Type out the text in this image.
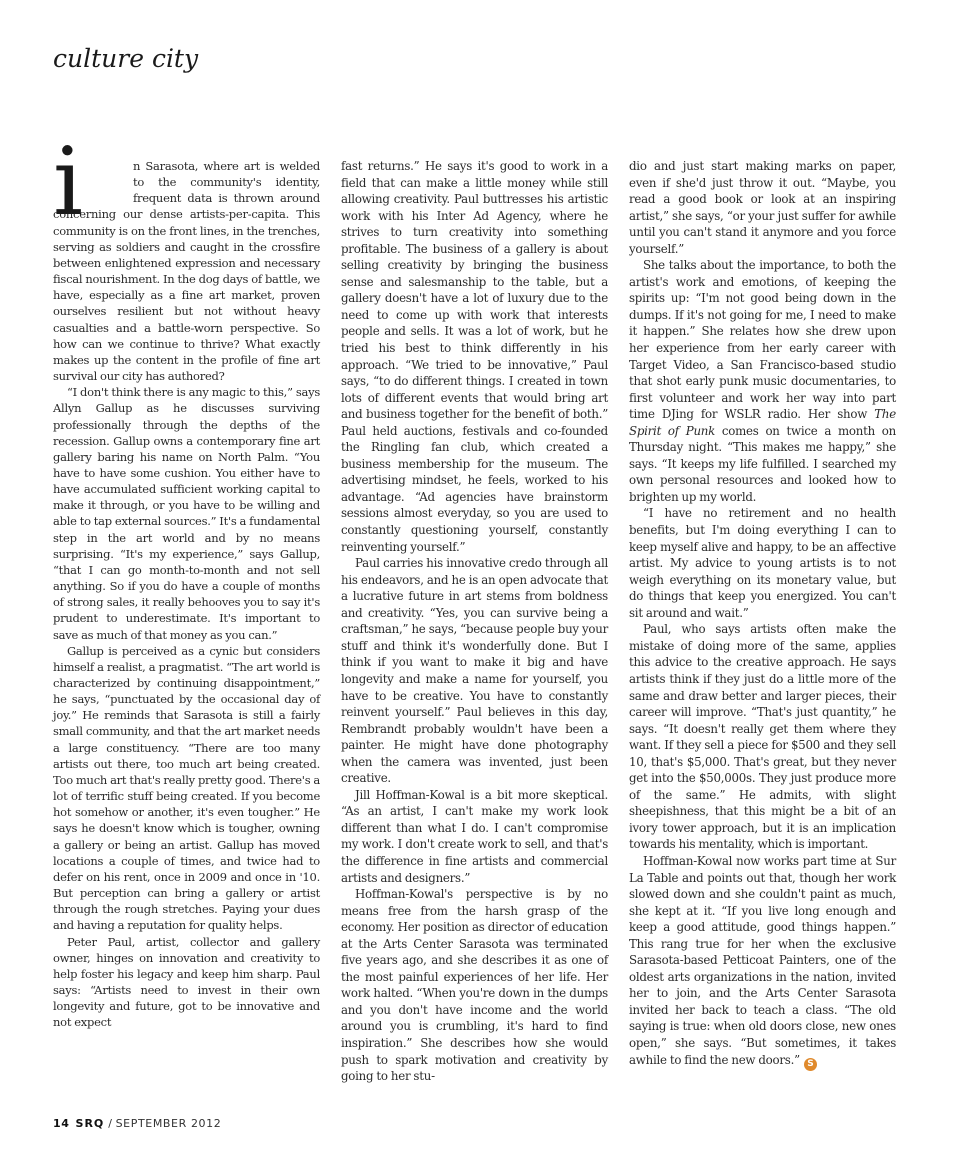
culture city
i	n Sarasota, where art is welded to the community's identity, frequent data is thrown around concerning our dense artists-per-capita. This community is on the front lines, in the trenches, serving as soldiers and caught in the crossfire between enlightened expression and necessary fiscal nourishment. In the dog days of battle, we have, especially as a fine art market, proven ourselves resilient but not without heavy casualties and a battle-worn perspective. So how can we continue to thrive? What exactly makes up the content in the profile of fine art survival our city has authored?

“I don't think there is any magic to this,” says Allyn Gallup as he discusses surviving professionally through the depths of the recession. Gallup owns a contemporary fine art gallery baring his name on North Palm. “You have to have some cushion. You either have to have accumulated sufficient working capital to make it through, or you have to be willing and able to tap external sources.” It's a fundamental step in the art world and by no means surprising. “It's my experience,” says Gallup, “that I can go month-to-month and not sell anything. So if you do have a couple of months of strong sales, it really behooves you to say it's prudent to underestimate. It's important to save as much of that money as you can.”

Gallup is perceived as a cynic but considers himself a realist, a pragmatist. “The art world is characterized by continuing disappointment,” he says, “punctuated by the occasional day of joy.” He reminds that Sarasota is still a fairly small community, and that the art market needs a large constituency. “There are too many artists out there, too much art being created. Too much art that's really pretty good. There's a lot of terrific stuff being created. If you become hot somehow or another, it's even tougher.” He says he doesn't know which is tougher, owning a gallery or being an artist. Gallup has moved locations a couple of times, and twice had to defer on his rent, once in 2009 and once in '10. But perception can bring a gallery or artist through the rough stretches. Paying your dues and having a reputation for quality helps.

Peter Paul, artist, collector and gallery owner, hinges on innovation and creativity to help foster his legacy and keep him sharp. Paul says: “Artists need to invest in their own longevity and future, got to be innovative and not expect

fast returns.” He says it's good to work in a field that can make a little money while still allowing creativity. Paul buttresses his artistic work with his Inter Ad Agency, where he strives to turn creativity into something profitable. The business of a gallery is about selling creativity by bringing the business sense and salesmanship to the table, but a gallery doesn't have a lot of luxury due to the need to come up with work that interests people and sells. It was a lot of work, but he tried his best to think differently in his approach. “We tried to be innovative,” Paul says, “to do different things. I created in town lots of different events that would bring art and business together for the benefit of both.” Paul held auctions, festivals and co-founded the Ringling fan club, which created a business membership for the museum. The advertising mindset, he feels, worked to his advantage. “Ad agencies have brainstorm sessions almost everyday, so you are used to constantly questioning yourself, constantly reinventing yourself.”

Paul carries his innovative credo through all his endeavors, and he is an open advocate that a lucrative future in art stems from boldness and creativity. “Yes, you can survive being a craftsman,” he says, “because people buy your stuff and think it's wonderfully done. But I think if you want to make it big and have longevity and make a name for yourself, you have to be creative. You have to constantly reinvent yourself.” Paul believes in this day, Rembrandt probably wouldn't have been a painter. He might have done photography when the camera was invented, just been creative.

Jill Hoffman-Kowal is a bit more skeptical. “As an artist, I can't make my work look different than what I do. I can't compromise my work. I don't create work to sell, and that's the difference in fine artists and commercial artists and designers.”

Hoffman-Kowal's perspective is by no means free from the harsh grasp of the economy. Her position as director of education at the Arts Center Sarasota was terminated five years ago, and she describes it as one of the most painful experiences of her life. Her work halted. “When you're down in the dumps and you don't have income and the world around you is crumbling, it's hard to find inspiration.” She describes how she would push to spark motivation and creativity by going to her stu-

dio and just start making marks on paper, even if she'd just throw it out. “Maybe, you read a good book or look at an inspiring artist,” she says, “or your just suffer for awhile until you can't stand it anymore and you force yourself.”

She talks about the importance, to both the artist's work and emotions, of keeping the spirits up: “I'm not good being down in the dumps. If it's not going for me, I need to make it happen.” She relates how she drew upon her experience from her early career with Target Video, a San Francisco-based studio that shot early punk music documentaries, to first volunteer and work her way into part time DJing for WSLR radio. Her show The Spirit of Punk comes on twice a month on Thursday night. “This makes me happy,” she says. “It keeps my life fulfilled. I searched my own personal resources and looked how to brighten up my world.

“I have no retirement and no health benefits, but I'm doing everything I can to keep myself alive and happy, to be an affective artist. My advice to young artists is to not weigh everything on its monetary value, but do things that keep you energized. You can't sit around and wait.”

Paul, who says artists often make the mistake of doing more of the same, applies this advice to the creative approach. He says artists think if they just do a little more of the same and draw better and larger pieces, their career will improve. “That's just quantity,” he says. “It doesn't really get them where they want. If they sell a piece for $500 and they sell 10, that's $5,000. That's great, but they never get into the $50,000s. They just produce more of the same.” He admits, with slight sheepishness, that this might be a bit of an ivory tower approach, but it is an implication towards his mentality, which is important.

Hoffman-Kowal now works part time at Sur La Table and points out that, though her work slowed down and she couldn't paint as much, she kept at it. “If you live long enough and keep a good attitude, good things happen.” This rang true for her when the exclusive Sarasota-based Petticoat Painters, one of the oldest arts organizations in the nation, invited her to join, and the Arts Center Sarasota invited her back to teach a class. “The old saying is true: when old doors close, new ones open,” she says. “But sometimes, it takes awhile to find the new doors.” S

14 SRQ / SEPTEMBER 2012
